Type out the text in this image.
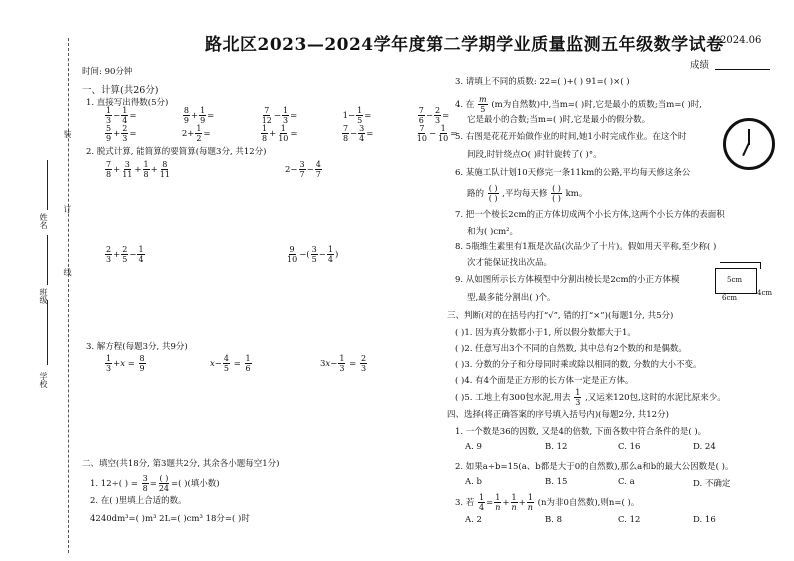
路北区2023—2024学年度第二学期学业质量监测五年级数学试卷
2024.06
成绩
学校
班级
姓名
装
订
线
时间: 90分钟
一、计算(共26分)
1. 直接写出得数(5分)
$\frac{1}{3} - \frac{1}{4}$ =	$\frac{8}{9} + \frac{1}{9}$ =	$\frac{7}{12} - \frac{1}{3}$ =	$1- \frac{1}{5}$ =	$\frac{7}{6} - \frac{2}{3}$ =
$\frac{5}{9} + \frac{2}{3}$ =	$2+ \frac{1}{2}$ =	$\frac{1}{8} + \frac{1}{10}$ =	$\frac{7}{8} - \frac{3}{4}$ =	$\frac{7}{10} - \frac{1}{10}$ =
2. 脱式计算, 能简算的要简算(每题3分, 共12分)
$\frac{7}{8} + \frac{3}{11} + \frac{1}{8} + \frac{8}{11}$	$2- \frac{3}{7} - \frac{4}{7}$
$\frac{2}{3} + \frac{2}{5} - \frac{1}{4}$	$\frac{9}{10}$ −( $\frac{3}{5} - \frac{1}{4}$ )
3. 解方程(每题3分, 共9分)
$\frac{1}{3} +x = \frac{8}{9}$	$x- \frac{4}{5} = \frac{1}{6}$	$3x- \frac{1}{3} = \frac{2}{3}$
二、填空(共18分, 第3题共2分, 其余各小题每空1分)
1. 12÷( ) = $\frac{3}{8} = \frac{( )}{24}$ =( )(填小数)
2. 在( )里填上合适的数。
4240dm³=( )m³ 2L=( )cm³ 18分=( )时
3. 请填上不同的质数: 22=( )+( ) 91=( )×( )
4. 在 $\frac{m}{5} (m$为自然数)中,当m=( )时,它是最小的质数;当m=( )时,
它是最小的合数;当m=( )时,它是最小的假分数。
5. 右图是花花开始做作业的时间,她1小时完成作业。在这个时
间段,时针绕点O( )时针旋转了( )°。
6. 某施工队计划10天修完一条11km的公路,平均每天修这条公
路的 $\frac{( )}{( )}$ ,平均每天修 $\frac{( )}{( )}$ km。
7. 把一个棱长2cm的正方体切成两个小长方体,这两个小长方体的表面积
和为( )cm²。
8. 5瓶维生素里有1瓶是次品(次品少了十片)。假如用天平称,至少称( )
次才能保证找出次品。
9. 从如图所示长方体模型中分割出棱长是2cm的小正方体模
型,最多能分割出( )个。
5cm
4cm
6cm
三、判断(对的在括号内打“√”, 错的打“×”)(每题1分, 共5分)
( )1. 因为真分数都小于1, 所以假分数都大于1。
( )2. 任意写出3个不同的自然数, 其中总有2个数的和是偶数。
( )3. 分数的分子和分母同时乘或除以相同的数, 分数的大小不变。
( )4. 有4个面是正方形的长方体一定是正方体。
( )5. 工地上有300包水泥,用去 $\frac{1}{3}$ ,又运来120包,这时的水泥比原来少。
四、选择(将正确答案的序号填入括号内)(每题2分, 共12分)
1. 一个数是36的因数, 又是4的倍数, 下面各数中符合条件的是( )。
A. 9	B. 12	C. 16	D. 24
2. 如果a÷b=15(a、b都是大于0的自然数),那么a和b的最大公因数是( )。
A. b	B. 15	C. a	D. 不确定
3. 若 $\frac{1}{4} = \frac{1}{n} + \frac{1}{n} + \frac{1}{n} (n$为非0自然数),则n=( )。
A. 2	B. 8	C. 12	D. 16
